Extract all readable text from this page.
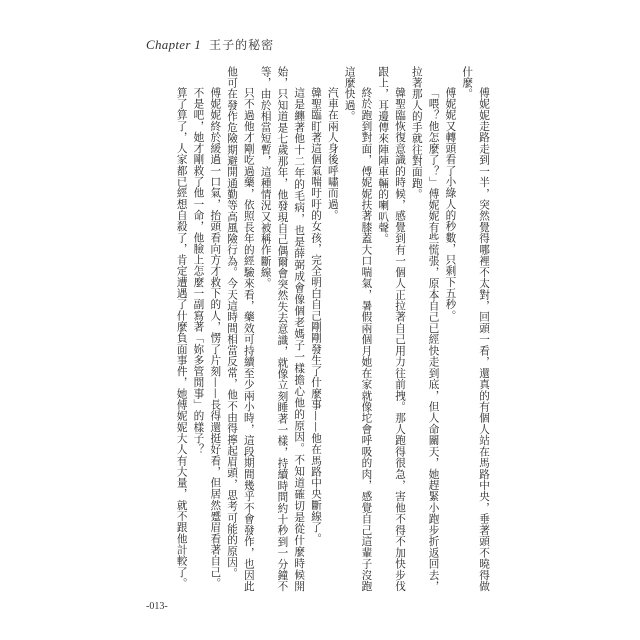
Chapter 1 王子的秘密

傅妮妮走路走到一半，突然覺得哪裡不太對，回頭一看，還真的有個人站在馬路中央，垂著頭不曉得做什麼。

傅妮妮又轉頭看了小綠人的秒數，只剩下五秒。

「喂？他怎麼了？」傅妮妮有些慌張，原本自己已經快走到底，但人命關天，她趕緊小跑步折返回去，拉著那人的手就往對面跑。

韓聖臨恢復意識的時候，感覺到有一個人正拉著自己用力往前拽。那人跑得很急，害他不得不加快步伐跟上，耳邊傳來陣陣車輛的喇叭聲。

終於跑到對面，傅妮妮扶著膝蓋大口喘氣，暑假兩個月她在家就像坨會呼吸的肉，感覺自己這輩子沒跑這麼快過。

汽車在兩人身後呼嘯而過。

韓聖臨盯著這個氣喘吁吁的女孩，完全明白自己剛剛發生了什麼事——他在馬路中央斷線了。

這是纏著他十二年的毛病，也是薛弼成會像個老媽子一樣擔心他的原因。不知道確切是從什麼時候開始，只知道是七歲那年，他發現自己偶爾會突然失去意識，就像立刻睡著一樣，持續時間約十秒到一分鐘不等，由於相當短暫，這種情況又被稱作斷線。

只不過他才剛吃過藥，依照長年的經驗來看，藥效可持續至少兩小時，這段期間幾乎不會發作，也因此他可在發作危險期避開通勤等高風險行為。今天這時間相當反常，他不由得擰起眉頭，思考可能的原因。

傅妮妮終於緩過一口氣，抬頭看向方才救下的人，愣了片刻——長得還挺好看，但居然蹙眉看著自己。

不是吧，她才剛救了他一命，他臉上怎麼一副寫著「妳多管閒事」的樣子？

算了算了，人家都已經想自殺了，肯定遭遇了什麼負面事件，她傅妮妮大人有大量，就不跟他計較了。

-013-
